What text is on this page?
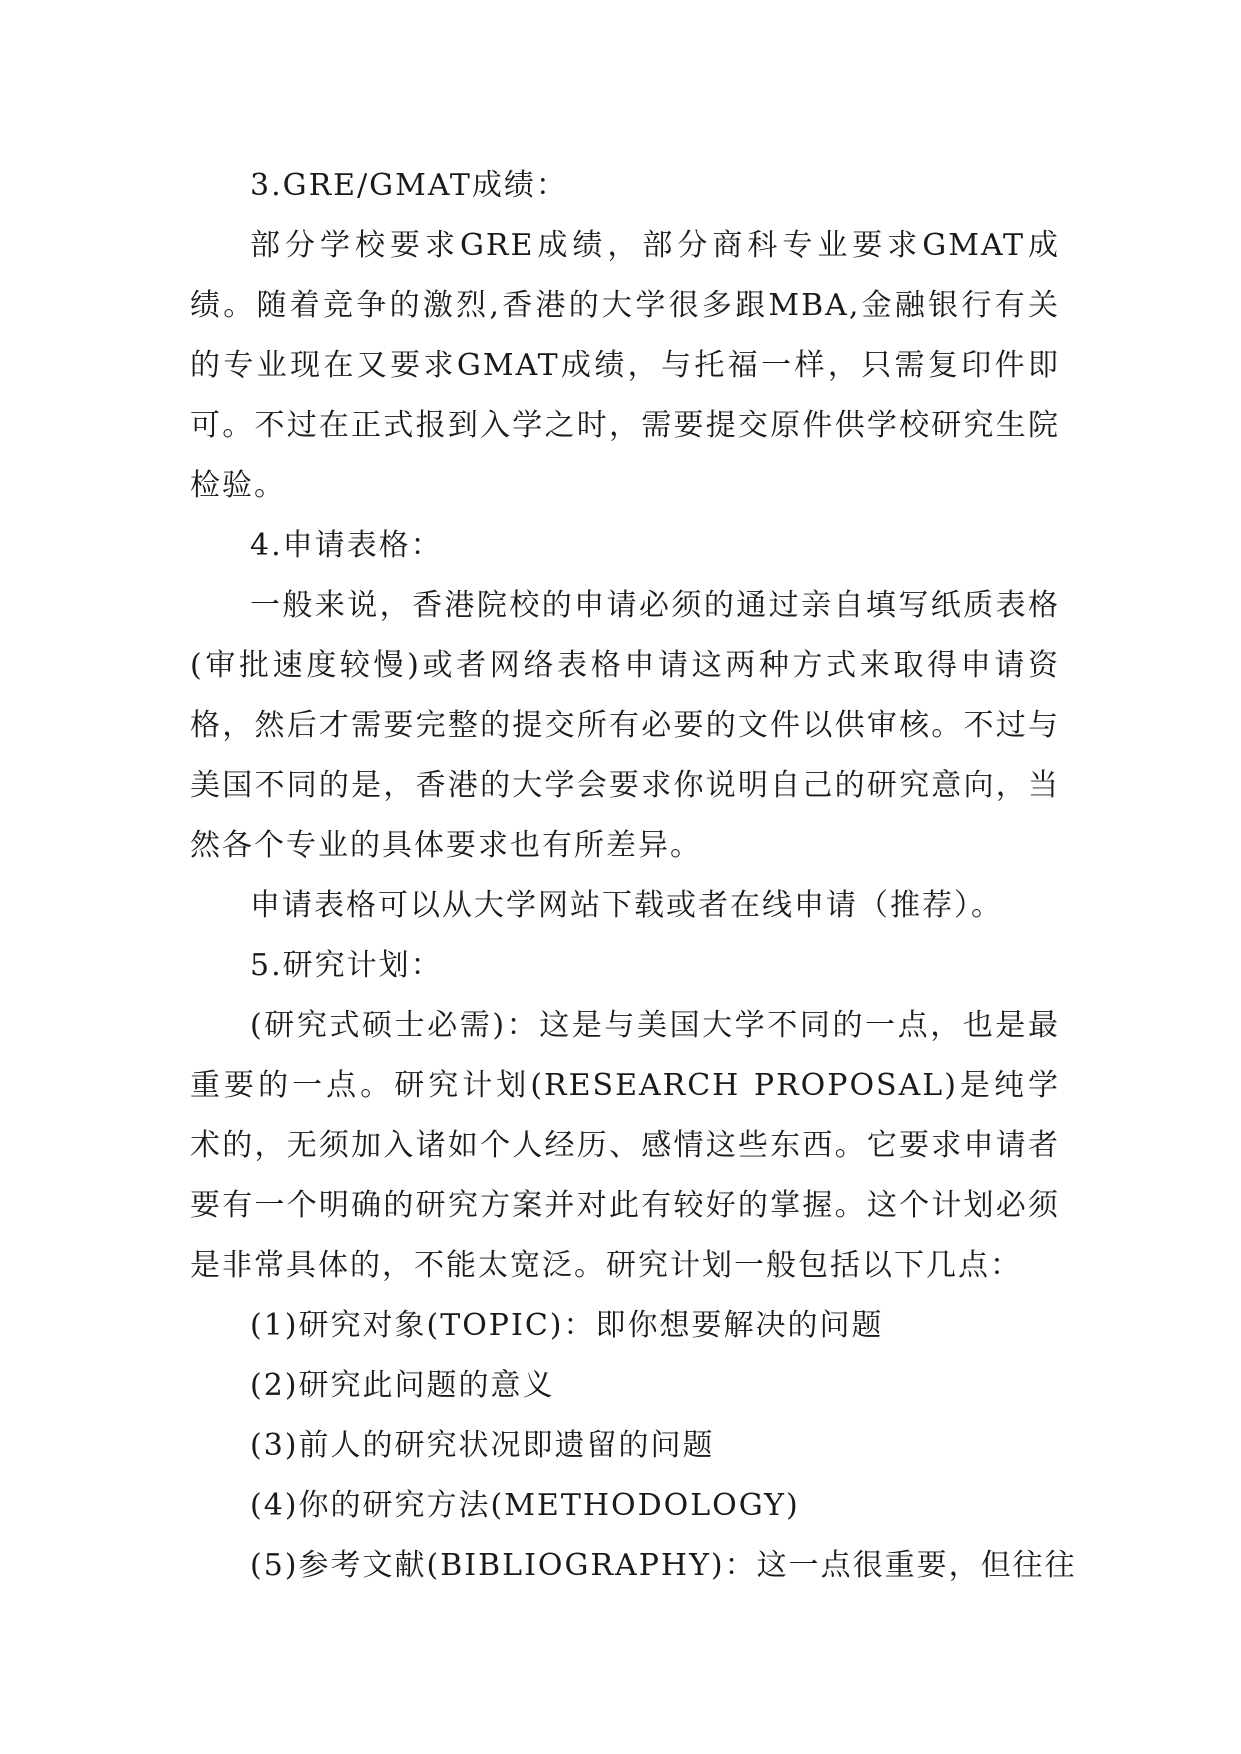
3.GRE/GMAT成绩：

部分学校要求GRE成绩，部分商科专业要求GMAT成绩。随着竞争的激烈,香港的大学很多跟MBA,金融银行有关的专业现在又要求GMAT成绩，与托福一样，只需复印件即可。不过在正式报到入学之时，需要提交原件供学校研究生院检验。

4.申请表格：

一般来说，香港院校的申请必须的通过亲自填写纸质表格(审批速度较慢)或者网络表格申请这两种方式来取得申请资格，然后才需要完整的提交所有必要的文件以供审核。不过与美国不同的是，香港的大学会要求你说明自己的研究意向，当然各个专业的具体要求也有所差异。

申请表格可以从大学网站下载或者在线申请（推荐）。

5.研究计划：

(研究式硕士必需)：这是与美国大学不同的一点，也是最重要的一点。研究计划(RESEARCH PROPOSAL)是纯学术的，无须加入诸如个人经历、感情这些东西。它要求申请者要有一个明确的研究方案并对此有较好的掌握。这个计划必须是非常具体的，不能太宽泛。研究计划一般包括以下几点：

(1)研究对象(TOPIC)：即你想要解决的问题

(2)研究此问题的意义

(3)前人的研究状况即遗留的问题

(4)你的研究方法(METHODOLOGY)

(5)参考文献(BIBLIOGRAPHY)：这一点很重要，但往往
